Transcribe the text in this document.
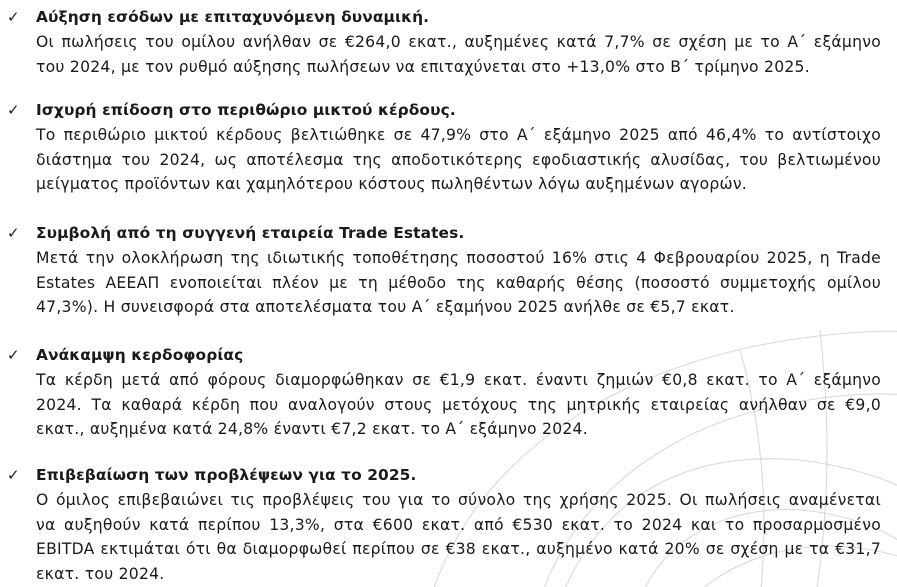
✓ Αύξηση εσόδων με επιταχυνόμενη δυναμική.
Οι πωλήσεις του ομίλου ανήλθαν σε €264,0 εκατ., αυξημένες κατά 7,7% σε σχέση με το Α΄ εξάμηνο
του 2024, με τον ρυθμό αύξησης πωλήσεων να επιταχύνεται στο +13,0% στο Β΄ τρίμηνο 2025.
✓ Ισχυρή επίδοση στο περιθώριο μικτού κέρδους.
Το περιθώριο μικτού κέρδους βελτιώθηκε σε 47,9% στο Α΄ εξάμηνο 2025 από 46,4% το αντίστοιχο
διάστημα του 2024, ως αποτέλεσμα της αποδοτικότερης εφοδιαστικής αλυσίδας, του βελτιωμένου
μείγματος προϊόντων και χαμηλότερου κόστους πωληθέντων λόγω αυξημένων αγορών.
✓ Συμβολή από τη συγγενή εταιρεία Trade Estates.
Μετά την ολοκλήρωση της ιδιωτικής τοποθέτησης ποσοστού 16% στις 4 Φεβρουαρίου 2025, η Trade
Estates ΑΕΕΑΠ ενοποιείται πλέον με τη μέθοδο της καθαρής θέσης (ποσοστό συμμετοχής ομίλου
47,3%). Η συνεισφορά στα αποτελέσματα του Α΄ εξαμήνου 2025 ανήλθε σε €5,7 εκατ.
✓ Ανάκαμψη κερδοφορίας
Τα κέρδη μετά από φόρους διαμορφώθηκαν σε €1,9 εκατ. έναντι ζημιών €0,8 εκατ. το Α΄ εξάμηνο
2024. Τα καθαρά κέρδη που αναλογούν στους μετόχους της μητρικής εταιρείας ανήλθαν σε €9,0
εκατ., αυξημένα κατά 24,8% έναντι €7,2 εκατ. το Α΄ εξάμηνο 2024.
✓ Επιβεβαίωση των προβλέψεων για το 2025.
Ο όμιλος επιβεβαιώνει τις προβλέψεις του για το σύνολο της χρήσης 2025. Οι πωλήσεις αναμένεται
να αυξηθούν κατά περίπου 13,3%, στα €600 εκατ. από €530 εκατ. το 2024 και το προσαρμοσμένο
EBITDA εκτιμάται ότι θα διαμορφωθεί περίπου σε €38 εκατ., αυξημένο κατά 20% σε σχέση με τα €31,7
εκατ. του 2024.
